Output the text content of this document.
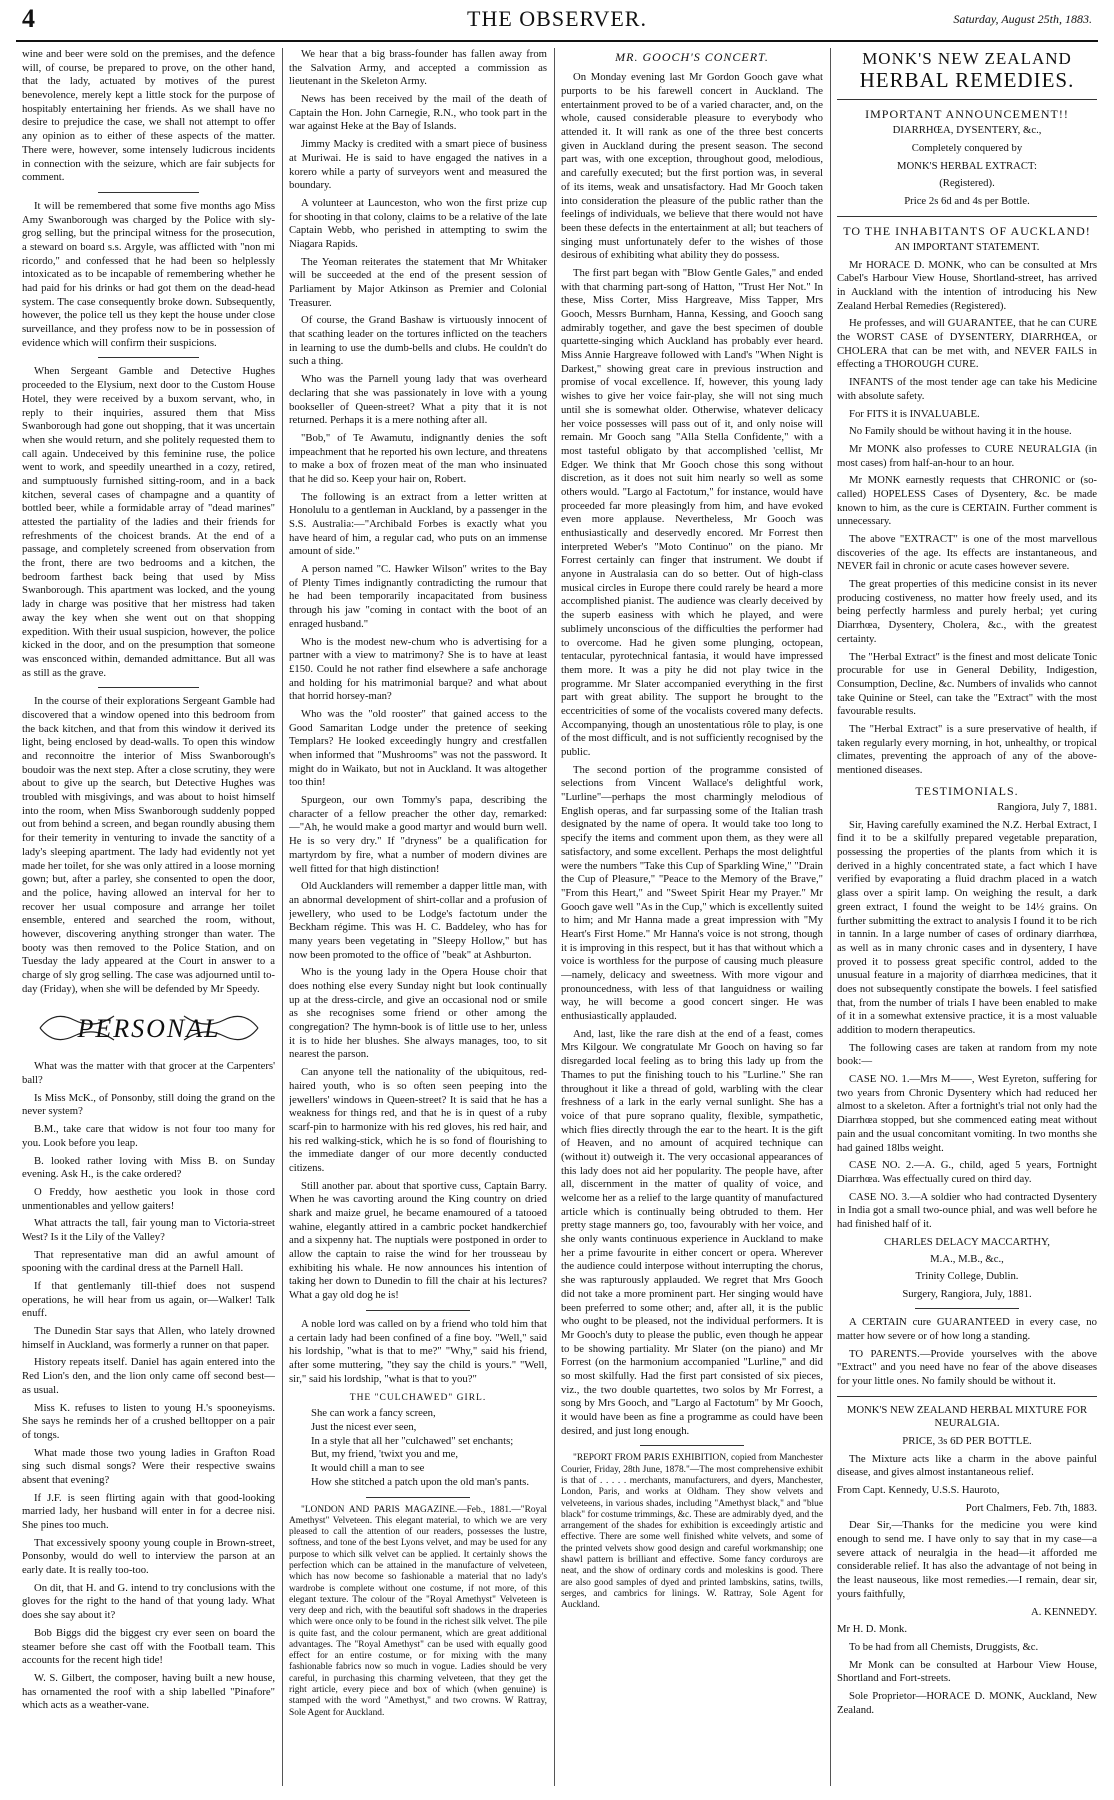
4	THE OBSERVER.	Saturday, August 25th, 1883.

wine and beer were sold on the premises, and the defence will, of course, be prepared to prove, on the other hand, that the lady, actuated by motives of the purest benevolence, merely kept a little stock for the purpose of hospitably entertaining her friends. As we shall have no desire to prejudice the case, we shall not attempt to offer any opinion as to either of these aspects of the matter. There were, however, some intensely ludicrous incidents in connection with the seizure, which are fair subjects for comment.

It will be remembered that some five months ago Miss Amy Swanborough was charged by the Police with sly-grog selling, but the principal witness for the prosecution, a steward on board s.s. Argyle, was afflicted with "non mi ricordo," and confessed that he had been so helplessly intoxicated as to be incapable of remembering whether he had paid for his drinks or had got them on the dead-head system. The case consequently broke down. Subsequently, however, the police tell us they kept the house under close surveillance, and they profess now to be in possession of evidence which will confirm their suspicions.

When Sergeant Gamble and Detective Hughes proceeded to the Elysium, next door to the Custom House Hotel, they were received by a buxom servant, who, in reply to their inquiries, assured them that Miss Swanborough had gone out shopping, that it was uncertain when she would return, and she politely requested them to call again. Undeceived by this feminine ruse, the police went to work, and speedily unearthed in a cozy, retired, and sumptuously furnished sitting-room, and in a back kitchen, several cases of champagne and a quantity of bottled beer, while a formidable array of "dead marines" attested the partiality of the ladies and their friends for refreshments of the choicest brands. At the end of a passage, and completely screened from observation from the front, there are two bedrooms and a kitchen, the bedroom farthest back being that used by Miss Swanborough. This apartment was locked, and the young lady in charge was positive that her mistress had taken away the key when she went out on that shopping expedition. With their usual suspicion, however, the police kicked in the door, and on the presumption that someone was ensconced within, demanded admittance. But all was as still as the grave.

In the course of their explorations Sergeant Gamble had discovered that a window opened into this bedroom from the back kitchen, and that from this window it derived its light, being enclosed by dead-walls. To open this window and reconnoitre the interior of Miss Swanborough's boudoir was the next step. After a close scrutiny, they were about to give up the search, but Detective Hughes was troubled with misgivings, and was about to hoist himself into the room, when Miss Swanborough suddenly popped out from behind a screen, and began roundly abusing them for their temerity in venturing to invade the sanctity of a lady's sleeping apartment. The lady had evidently not yet made her toilet, for she was only attired in a loose morning gown; but, after a parley, she consented to open the door, and the police, having allowed an interval for her to recover her usual composure and arrange her toilet ensemble, entered and searched the room, without, however, discovering anything stronger than water. The booty was then removed to the Police Station, and on Tuesday the lady appeared at the Court in answer to a charge of sly grog selling. The case was adjourned until to-day (Friday), when she will be defended by Mr Speedy.

PERSONAL

What was the matter with that grocer at the Carpenters' ball?

Is Miss McK., of Ponsonby, still doing the grand on the never system?

B.M., take care that widow is not four too many for you. Look before you leap.

B. looked rather loving with Miss B. on Sunday evening. Ask H., is the cake ordered?

O Freddy, how aesthetic you look in those cord unmentionables and yellow gaiters!

What attracts the tall, fair young man to Victoria-street West? Is it the Lily of the Valley?

That representative man did an awful amount of spooning with the cardinal dress at the Parnell Hall.

If that gentlemanly till-thief does not suspend operations, he will hear from us again, or—Walker! Talk enuff.

The Dunedin Star says that Allen, who lately drowned himself in Auckland, was formerly a runner on that paper.

History repeats itself. Daniel has again entered into the Red Lion's den, and the lion only came off second best—as usual.

Miss K. refuses to listen to young H.'s spooneyisms. She says he reminds her of a crushed belltopper on a pair of tongs.

What made those two young ladies in Grafton Road sing such dismal songs? Were their respective swains absent that evening?

If J.F. is seen flirting again with that good-looking married lady, her husband will enter in for a decree nisi. She pines too much.

That excessively spoony young couple in Brown-street, Ponsonby, would do well to interview the parson at an early date. It is really too-too.

On dit, that H. and G. intend to try conclusions with the gloves for the right to the hand of that young lady. What does she say about it?

Bob Biggs did the biggest cry ever seen on board the steamer before she cast off with the Football team. This accounts for the recent high tide!

W. S. Gilbert, the composer, having built a new house, has ornamented the roof with a ship labelled "Pinafore" which acts as a weather-vane.

We hear that a big brass-founder has fallen away from the Salvation Army, and accepted a commission as lieutenant in the Skeleton Army.

News has been received by the mail of the death of Captain the Hon. John Carnegie, R.N., who took part in the war against Heke at the Bay of Islands.

Jimmy Macky is credited with a smart piece of business at Muriwai. He is said to have engaged the natives in a korero while a party of surveyors went and measured the boundary.

A volunteer at Launceston, who won the first prize cup for shooting in that colony, claims to be a relative of the late Captain Webb, who perished in attempting to swim the Niagara Rapids.

The Yeoman reiterates the statement that Mr Whitaker will be succeeded at the end of the present session of Parliament by Major Atkinson as Premier and Colonial Treasurer.

Of course, the Grand Bashaw is virtuously innocent of that scathing leader on the tortures inflicted on the teachers in learning to use the dumb-bells and clubs. He couldn't do such a thing.

Who was the Parnell young lady that was overheard declaring that she was passionately in love with a young bookseller of Queen-street? What a pity that it is not returned. Perhaps it is a mere nothing after all.

"Bob," of Te Awamutu, indignantly denies the soft impeachment that he reported his own lecture, and threatens to make a box of frozen meat of the man who insinuated that he did so. Keep your hair on, Robert.

The following is an extract from a letter written at Honolulu to a gentleman in Auckland, by a passenger in the S.S. Australia:—"Archibald Forbes is exactly what you have heard of him, a regular cad, who puts on an immense amount of side."

A person named "C. Hawker Wilson" writes to the Bay of Plenty Times indignantly contradicting the rumour that he had been temporarily incapacitated from business through his jaw "coming in contact with the boot of an enraged husband."

Who is the modest new-chum who is advertising for a partner with a view to matrimony? She is to have at least £150. Could he not rather find elsewhere a safe anchorage and holding for his matrimonial barque? and what about that horrid horsey-man?

Who was the "old rooster" that gained access to the Good Samaritan Lodge under the pretence of seeking Templars? He looked exceedingly hungry and crestfallen when informed that "Mushrooms" was not the password. It might do in Waikato, but not in Auckland. It was altogether too thin!

Spurgeon, our own Tommy's papa, describing the character of a fellow preacher the other day, remarked:—"Ah, he would make a good martyr and would burn well. He is so very dry." If "dryness" be a qualification for martyrdom by fire, what a number of modern divines are well fitted for that high distinction!

Old Aucklanders will remember a dapper little man, with an abnormal development of shirt-collar and a profusion of jewellery, who used to be Lodge's factotum under the Beckham régime. This was H. C. Baddeley, who has for many years been vegetating in "Sleepy Hollow," but has now been promoted to the office of "beak" at Ashburton.

Who is the young lady in the Opera House choir that does nothing else every Sunday night but look continually up at the dress-circle, and give an occasional nod or smile as she recognises some friend or other among the congregation? The hymn-book is of little use to her, unless it is to hide her blushes. She always manages, too, to sit nearest the parson.

Can anyone tell the nationality of the ubiquitous, red-haired youth, who is so often seen peeping into the jewellers' windows in Queen-street? It is said that he has a weakness for things red, and that he is in quest of a ruby scarf-pin to harmonize with his red gloves, his red hair, and his red walking-stick, which he is so fond of flourishing to the immediate danger of our more decently conducted citizens.

Still another par. about that sportive cuss, Captain Barry. When he was cavorting around the King country on dried shark and maize gruel, he became enamoured of a tatooed wahine, elegantly attired in a cambric pocket handkerchief and a sixpenny hat. The nuptials were postponed in order to allow the captain to raise the wind for her trousseau by exhibiting his whale. He now announces his intention of taking her down to Dunedin to fill the chair at his lectures? What a gay old dog he is!

A noble lord was called on by a friend who told him that a certain lady had been confined of a fine boy. "Well," said his lordship, "what is that to me?" "Why," said his friend, after some muttering, "they say the child is yours." "Well, sir," said his lordship, "what is that to you?"

THE "CULCHAWED" GIRL.
She can work a fancy screen,
Just the nicest ever seen,
In a style that all her "culchawed" set enchants;
But, my friend, 'twixt you and me,
It would chill a man to see
How she stitched a patch upon the old man's pants.

"LONDON AND PARIS MAGAZINE.—Feb., 1881.—"Royal Amethyst" Velveteen. This elegant material, to which we are very pleased to call the attention of our readers, possesses the lustre, softness, and tone of the best Lyons velvet, and may be used for any purpose to which silk velvet can be applied. It certainly shows the perfection which can be attained in the manufacture of velveteen, which has now become so fashionable a material that no lady's wardrobe is complete without one costume, if not more, of this elegant texture. The colour of the "Royal Amethyst" Velveteen is very deep and rich, with the beautiful soft shadows in the draperies which were once only to be found in the richest silk velvet. The pile is quite fast, and the colour permanent, which are great additional advantages. The "Royal Amethyst" can be used with equally good effect for an entire costume, or for mixing with the many fashionable fabrics now so much in vogue. Ladies should be very careful, in purchasing this charming velveteen, that they get the right article, every piece and box of which (when genuine) is stamped with the word "Amethyst," and two crowns. W Rattray, Sole Agent for Auckland.

MR. GOOCH'S CONCERT.

On Monday evening last Mr Gordon Gooch gave what purports to be his farewell concert in Auckland. The entertainment proved to be of a varied character, and, on the whole, caused considerable pleasure to everybody who attended it. It will rank as one of the three best concerts given in Auckland during the present season. The second part was, with one exception, throughout good, melodious, and carefully executed; but the first portion was, in several of its items, weak and unsatisfactory. Had Mr Gooch taken into consideration the pleasure of the public rather than the feelings of individuals, we believe that there would not have been these defects in the entertainment at all; but teachers of singing must unfortunately defer to the wishes of those desirous of exhibiting what ability they do possess.

The first part began with "Blow Gentle Gales," and ended with that charming part-song of Hatton, "Trust Her Not." In these, Miss Corter, Miss Hargreave, Miss Tapper, Mrs Gooch, Messrs Burnham, Hanna, Kessing, and Gooch sang admirably together, and gave the best specimen of double quartette-singing which Auckland has probably ever heard. Miss Annie Hargreave followed with Land's "When Night is Darkest," showing great care in previous instruction and promise of vocal excellence. If, however, this young lady wishes to give her voice fair-play, she will not sing much until she is somewhat older. Otherwise, whatever delicacy her voice possesses will pass out of it, and only noise will remain. Mr Gooch sang "Alla Stella Confidente," with a most tasteful obligato by that accomplished 'cellist, Mr Edger. We think that Mr Gooch chose this song without discretion, as it does not suit him nearly so well as some others would. "Largo al Factotum," for instance, would have proceeded far more pleasingly from him, and have evoked even more applause. Nevertheless, Mr Gooch was enthusiastically and deservedly encored. Mr Forrest then interpreted Weber's "Moto Continuo" on the piano. Mr Forrest certainly can finger that instrument. We doubt if anyone in Australasia can do so better. Out of high-class musical circles in Europe there could rarely be heard a more accomplished pianist. The audience was clearly deceived by the superb easiness with which he played, and were sublimely unconscious of the difficulties the performer had to overcome. Had he given some plunging, octopean, tentacular, pyrotechnical fantasia, it would have impressed them more. It was a pity he did not play twice in the programme. Mr Slater accompanied everything in the first part with great ability. The support he brought to the eccentricities of some of the vocalists covered many defects. Accompanying, though an unostentatious rôle to play, is one of the most difficult, and is not sufficiently recognised by the public.

The second portion of the programme consisted of selections from Vincent Wallace's delightful work, "Lurline"—perhaps the most charmingly melodious of English operas, and far surpassing some of the Italian trash designated by the name of opera. It would take too long to specify the items and comment upon them, as they were all satisfactory, and some excellent. Perhaps the most delightful were the numbers "Take this Cup of Sparkling Wine," "Drain the Cup of Pleasure," "Peace to the Memory of the Brave," "From this Heart," and "Sweet Spirit Hear my Prayer." Mr Gooch gave well "As in the Cup," which is excellently suited to him; and Mr Hanna made a great impression with "My Heart's First Home." Mr Hanna's voice is not strong, though it is improving in this respect, but it has that without which a voice is worthless for the purpose of causing much pleasure—namely, delicacy and sweetness. With more vigour and pronouncedness, with less of that languidness or wailing way, he will become a good concert singer. He was enthusiastically applauded.

And, last, like the rare dish at the end of a feast, comes Mrs Kilgour. We congratulate Mr Gooch on having so far disregarded local feeling as to bring this lady up from the Thames to put the finishing touch to his "Lurline." She ran throughout it like a thread of gold, warbling with the clear freshness of a lark in the early vernal sunlight. She has a voice of that pure soprano quality, flexible, sympathetic, which flies directly through the ear to the heart. It is the gift of Heaven, and no amount of acquired technique can (without it) outweigh it. The very occasional appearances of this lady does not aid her popularity. The people have, after all, discernment in the matter of quality of voice, and welcome her as a relief to the large quantity of manufactured article which is continually being obtruded to them. Her pretty stage manners go, too, favourably with her voice, and she only wants continuous experience in Auckland to make her a prime favourite in either concert or opera. Wherever the audience could interpose without interrupting the chorus, she was rapturously applauded. We regret that Mrs Gooch did not take a more prominent part. Her singing would have been preferred to some other; and, after all, it is the public who ought to be pleased, not the individual performers. It is Mr Gooch's duty to please the public, even though he appear to be showing partiality. Mr Slater (on the piano) and Mr Forrest (on the harmonium accompanied "Lurline," and did so most skilfully. Had the first part consisted of six pieces, viz., the two double quartettes, two solos by Mr Forrest, a song by Mrs Gooch, and "Largo al Factotum" by Mr Gooch, it would have been as fine a programme as could have been desired, and just long enough.

"REPORT FROM PARIS EXHIBITION, copied from Manchester Courier, Friday, 28th June, 1878."—The most comprehensive exhibit is that of . . . . . merchants, manufacturers, and dyers, Manchester, London, Paris, and works at Oldham. They show velvets and velveteens, in various shades, including "Amethyst black," and "blue black" for costume trimmings, &c. These are admirably dyed, and the arrangement of the shades for exhibition is exceedingly artistic and effective. There are some well finished white velvets, and some of the printed velvets show good design and careful workmanship; one shawl pattern is brilliant and effective. Some fancy corduroys are neat, and the show of ordinary cords and moleskins is good. There are also good samples of dyed and printed lambskins, satins, twills, serges, and cambrics for linings. W. Rattray, Sole Agent for Auckland.

MONK'S NEW ZEALAND
HERBAL REMEDIES.

IMPORTANT ANNOUNCEMENT!!

DIARRHŒA, DYSENTERY, &c.,

Completely conquered by

MONK'S HERBAL EXTRACT:

(Registered).

Price 2s 6d and 4s per Bottle.

TO THE INHABITANTS OF AUCKLAND!

AN IMPORTANT STATEMENT.

Mr HORACE D. MONK, who can be consulted at Mrs Cabel's Harbour View House, Shortland-street, has arrived in Auckland with the intention of introducing his New Zealand Herbal Remedies (Registered).

He professes, and will GUARANTEE, that he can CURE the WORST CASE of DYSENTERY, DIARRHŒA, or CHOLERA that can be met with, and NEVER FAILS in effecting a THOROUGH CURE.

INFANTS of the most tender age can take his Medicine with absolute safety.

For FITS it is INVALUABLE.

No Family should be without having it in the house.

Mr MONK also professes to CURE NEURALGIA (in most cases) from half-an-hour to an hour.

Mr MONK earnestly requests that CHRONIC or (so-called) HOPELESS Cases of Dysentery, &c. be made known to him, as the cure is CERTAIN. Further comment is unnecessary.

The above "EXTRACT" is one of the most marvellous discoveries of the age. Its effects are instantaneous, and NEVER fail in chronic or acute cases however severe.

The great properties of this medicine consist in its never producing costiveness, no matter how freely used, and its being perfectly harmless and purely herbal; yet curing Diarrhœa, Dysentery, Cholera, &c., with the greatest certainty.

The "Herbal Extract" is the finest and most delicate Tonic procurable for use in General Debility, Indigestion, Consumption, Decline, &c. Numbers of invalids who cannot take Quinine or Steel, can take the "Extract" with the most favourable results.

The "Herbal Extract" is a sure preservative of health, if taken regularly every morning, in hot, unhealthy, or tropical climates, preventing the approach of any of the above-mentioned diseases.

TESTIMONIALS.

Rangiora, July 7, 1881.

Sir, Having carefully examined the N.Z. Herbal Extract, I find it to be a skilfully prepared vegetable preparation, possessing the properties of the plants from which it is derived in a highly concentrated state, a fact which I have verified by evaporating a fluid drachm placed in a watch glass over a spirit lamp. On weighing the result, a dark green extract, I found the weight to be 14½ grains. On further submitting the extract to analysis I found it to be rich in tannin. In a large number of cases of ordinary diarrhœa, as well as in many chronic cases and in dysentery, I have proved it to possess great specific control, added to the unusual feature in a majority of diarrhœa medicines, that it does not subsequently constipate the bowels. I feel satisfied that, from the number of trials I have been enabled to make of it in a somewhat extensive practice, it is a most valuable addition to modern therapeutics.

The following cases are taken at random from my note book:—

CASE NO. 1.—Mrs M——, West Eyreton, suffering for two years from Chronic Dysentery which had reduced her almost to a skeleton. After a fortnight's trial not only had the Diarrhœa stopped, but she commenced eating meat without pain and the usual concomitant vomiting. In two months she had gained 18lbs weight.

CASE NO. 2.—A. G., child, aged 5 years, Fortnight Diarrhœa. Was effectually cured on third day.

CASE NO. 3.—A soldier who had contracted Dysentery in India got a small two-ounce phial, and was well before he had finished half of it.

CHARLES DELACY MACCARTHY,

M.A., M.B., &c.,

Trinity College, Dublin.

Surgery, Rangiora, July, 1881.

A CERTAIN cure GUARANTEED in every case, no matter how severe or of how long a standing.

TO PARENTS.—Provide yourselves with the above "Extract" and you need have no fear of the above diseases for your little ones. No family should be without it.

MONK'S NEW ZEALAND HERBAL MIXTURE FOR NEURALGIA.

PRICE, 3s 6D PER BOTTLE.

The Mixture acts like a charm in the above painful disease, and gives almost instantaneous relief.

From Capt. Kennedy, U.S.S. Hauroto,

Port Chalmers, Feb. 7th, 1883.

Dear Sir,—Thanks for the medicine you were kind enough to send me. I have only to say that in my case—a severe attack of neuralgia in the head—it afforded me considerable relief. It has also the advantage of not being in the least nauseous, like most remedies.—I remain, dear sir, yours faithfully,

A. KENNEDY.

Mr H. D. Monk.

To be had from all Chemists, Druggists, &c.

Mr Monk can be consulted at Harbour View House, Shortland and Fort-streets.

Sole Proprietor—HORACE D. MONK, Auckland, New Zealand.
